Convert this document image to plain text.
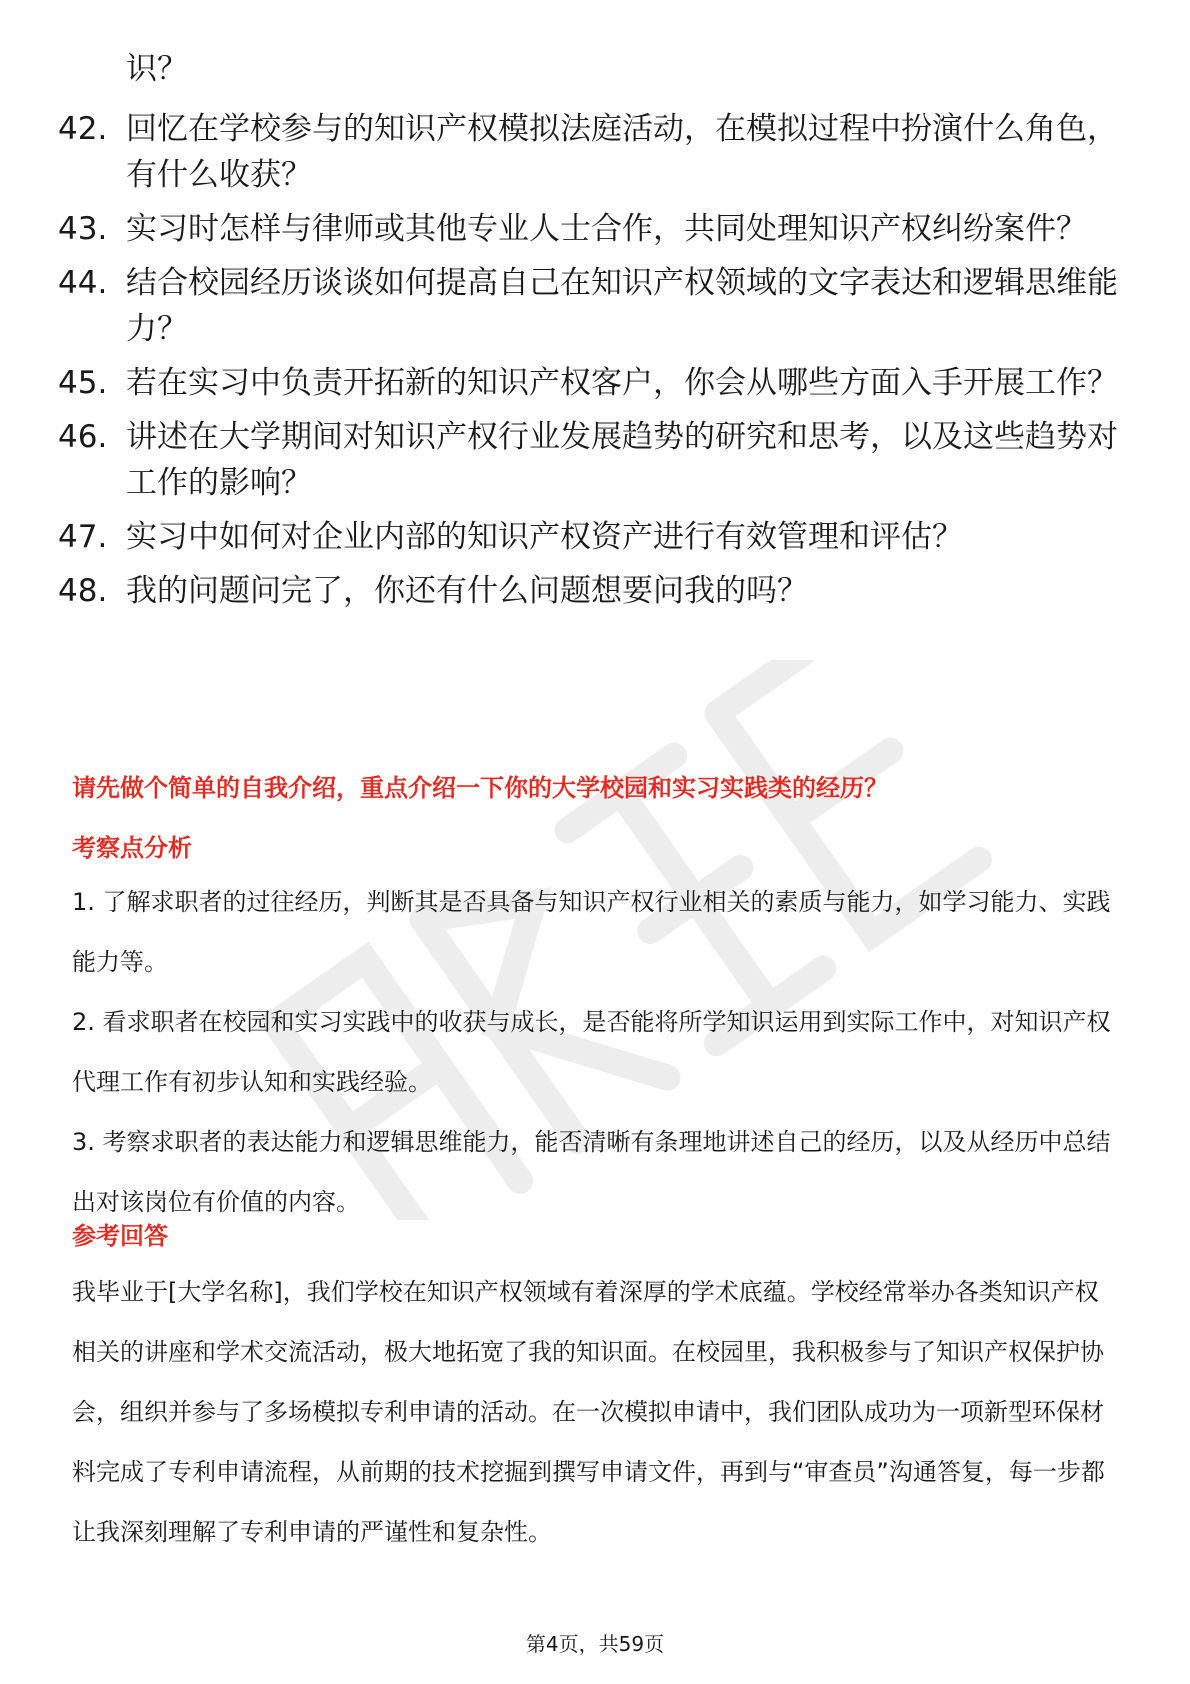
识？
42. 回忆在学校参与的知识产权模拟法庭活动，在模拟过程中扮演什么角色，有什么收获？
43. 实习时怎样与律师或其他专业人士合作，共同处理知识产权纠纷案件？
44. 结合校园经历谈谈如何提高自己在知识产权领域的文字表达和逻辑思维能力？
45. 若在实习中负责开拓新的知识产权客户，你会从哪些方面入手开展工作？
46. 讲述在大学期间对知识产权行业发展趋势的研究和思考，以及这些趋势对工作的影响？
47. 实习中如何对企业内部的知识产权资产进行有效管理和评估？
48. 我的问题问完了，你还有什么问题想要问我的吗？
请先做个简单的自我介绍，重点介绍一下你的大学校园和实习实践类的经历？
考察点分析
1. 了解求职者的过往经历，判断其是否具备与知识产权行业相关的素质与能力，如学习能力、实践能力等。
2. 看求职者在校园和实习实践中的收获与成长，是否能将所学知识运用到实际工作中，对知识产权代理工作有初步认知和实践经验。
3. 考察求职者的表达能力和逻辑思维能力，能否清晰有条理地讲述自己的经历，以及从经历中总结出对该岗位有价值的内容。
参考回答
我毕业于[大学名称]，我们学校在知识产权领域有着深厚的学术底蕴。学校经常举办各类知识产权相关的讲座和学术交流活动，极大地拓宽了我的知识面。在校园里，我积极参与了知识产权保护协会，组织并参与了多场模拟专利申请的活动。在一次模拟申请中，我们团队成功为一项新型环保材料完成了专利申请流程，从前期的技术挖掘到撰写申请文件，再到与“审查员”沟通答复，每一步都让我深刻理解了专利申请的严谨性和复杂性。
第4页，共59页
